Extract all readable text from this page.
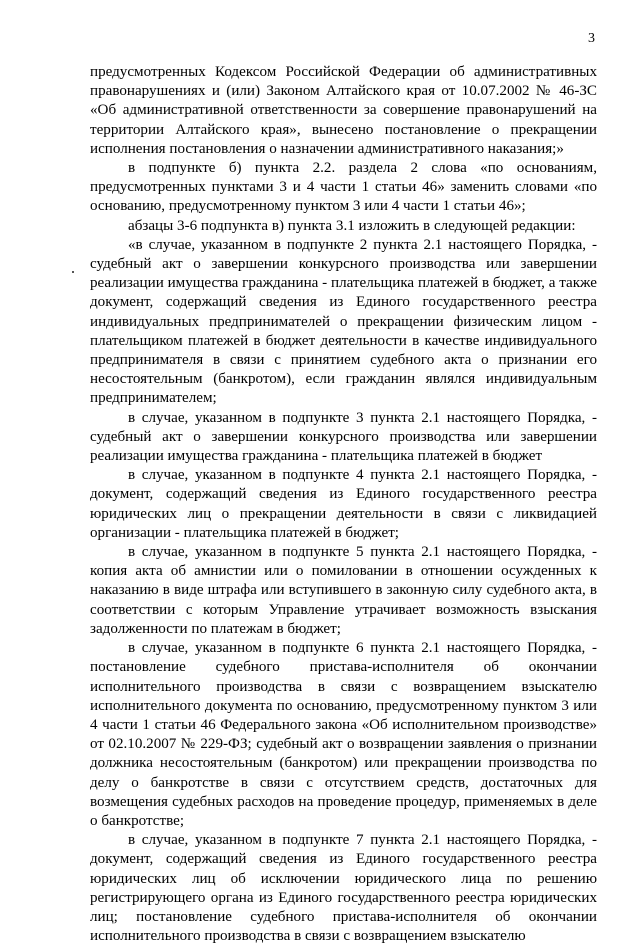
3

предусмотренных Кодексом Российской Федерации об административных правонарушениях и (или) Законом Алтайского края от 10.07.2002 № 46-ЗС «Об административной ответственности за совершение правонарушений на территории Алтайского края», вынесено постановление о прекращении исполнения постановления о назначении административного наказания;»

в подпункте б) пункта 2.2. раздела 2 слова «по основаниям, предусмотренных пунктами 3 и 4 части 1 статьи 46» заменить словами «по основанию, предусмотренному пунктом 3 или 4 части 1 статьи 46»;

абзацы 3-6 подпункта в) пункта 3.1 изложить в следующей редакции:

«в случае, указанном в подпункте 2 пункта 2.1 настоящего Порядка, - судебный акт о завершении конкурсного производства или завершении реализации имущества гражданина - плательщика платежей в бюджет, а также документ, содержащий сведения из Единого государственного реестра индивидуальных предпринимателей о прекращении физическим лицом - плательщиком платежей в бюджет деятельности в качестве индивидуального предпринимателя в связи с принятием судебного акта о признании его несостоятельным (банкротом), если гражданин являлся индивидуальным предпринимателем;

в случае, указанном в подпункте 3 пункта 2.1 настоящего Порядка, - судебный акт о завершении конкурсного производства или завершении реализации имущества гражданина - плательщика платежей в бюджет

в случае, указанном в подпункте 4 пункта 2.1 настоящего Порядка, - документ, содержащий сведения из Единого государственного реестра юридических лиц о прекращении деятельности в связи с ликвидацией организации - плательщика платежей в бюджет;

в случае, указанном в подпункте 5 пункта 2.1 настоящего Порядка, - копия акта об амнистии или о помиловании в отношении осужденных к наказанию в виде штрафа или вступившего в законную силу судебного акта, в соответствии с которым Управление утрачивает возможность взыскания задолженности по платежам в бюджет;

в случае, указанном в подпункте 6 пункта 2.1 настоящего Порядка, - постановление судебного пристава-исполнителя об окончании исполнительного производства в связи с возвращением взыскателю исполнительного документа по основанию, предусмотренному пунктом 3 или 4 части 1 статьи 46 Федерального закона «Об исполнительном производстве» от 02.10.2007 № 229-ФЗ; судебный акт о возвращении заявления о признании должника несостоятельным (банкротом) или прекращении производства по делу о банкротстве в связи с отсутствием средств, достаточных для возмещения судебных расходов на проведение процедур, применяемых в деле о банкротстве;

в случае, указанном в подпункте 7 пункта 2.1 настоящего Порядка, - документ, содержащий сведения из Единого государственного реестра юридических лиц об исключении юридического лица по решению регистрирующего органа из Единого государственного реестра юридических лиц; постановление судебного пристава-исполнителя об окончании исполнительного производства в связи с возвращением взыскателю
